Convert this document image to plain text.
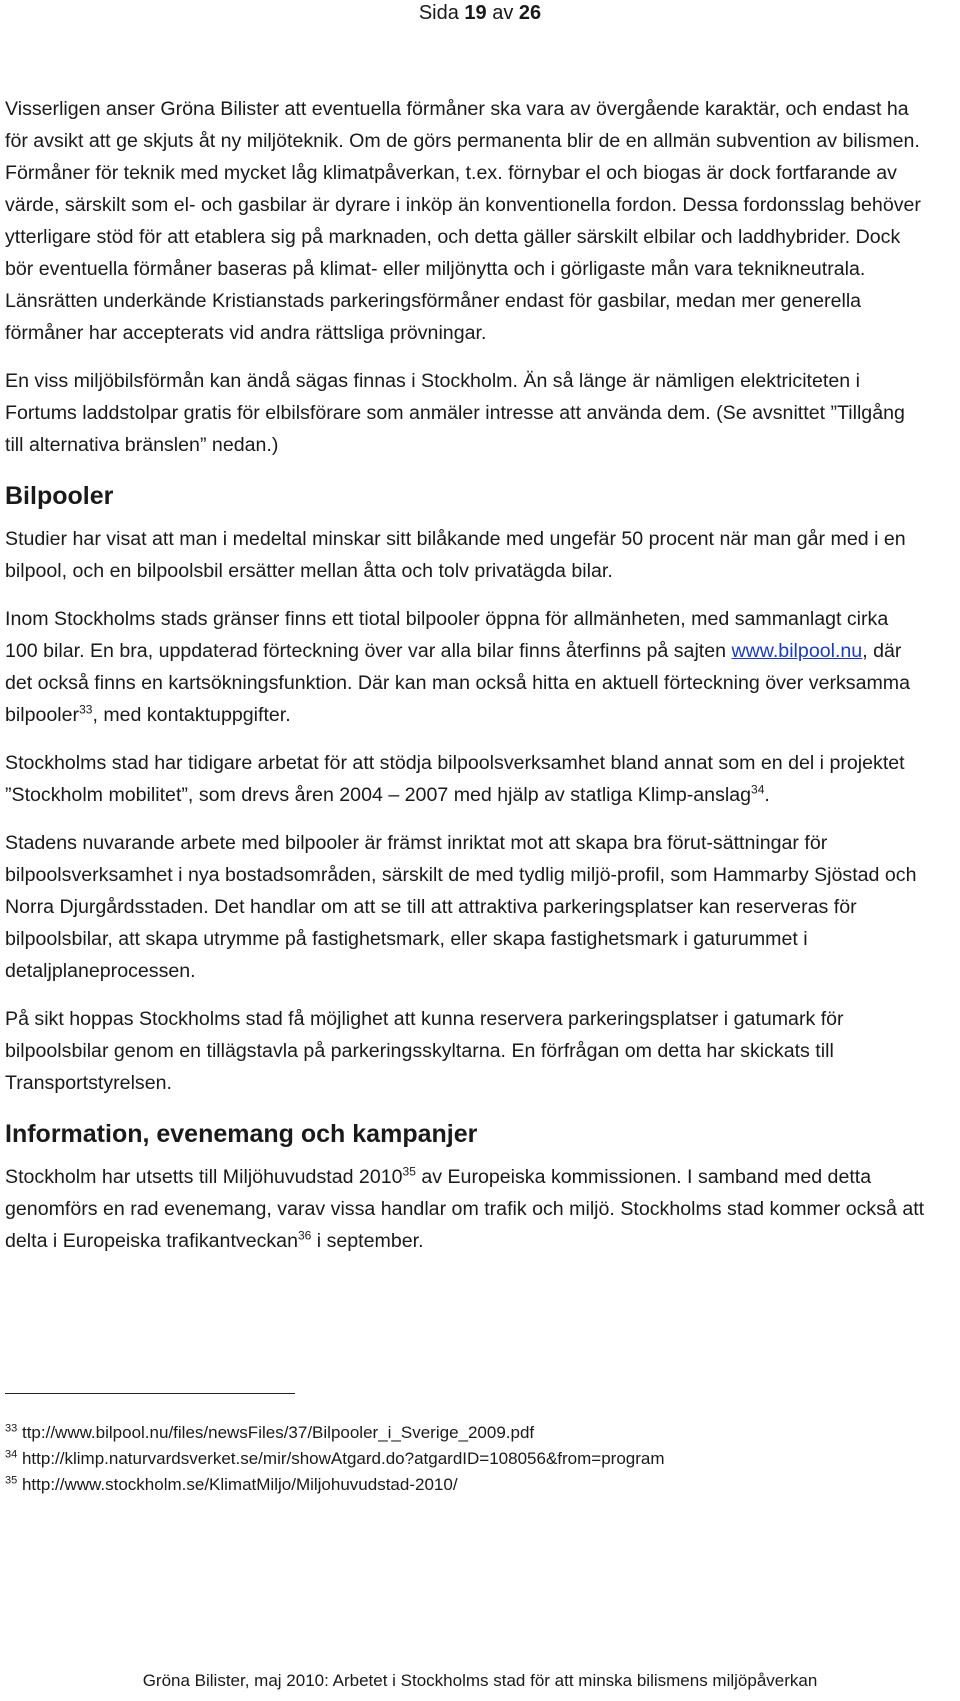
Sida 19 av 26

Visserligen anser Gröna Bilister att eventuella förmåner ska vara av övergående karaktär, och endast ha för avsikt att ge skjuts åt ny miljöteknik. Om de görs permanenta blir de en allmän subvention av bilismen. Förmåner för teknik med mycket låg klimatpåverkan, t.ex. förnybar el och biogas är dock fortfarande av värde, särskilt som el- och gasbilar är dyrare i inköp än konventionella fordon. Dessa fordonsslag behöver ytterligare stöd för att etablera sig på marknaden, och detta gäller särskilt elbilar och laddhybrider. Dock bör eventuella förmåner baseras på klimat- eller miljönytta och i görligaste mån vara teknikneutrala. Länsrätten underkände Kristianstads parkeringsförmåner endast för gasbilar, medan mer generella förmåner har accepterats vid andra rättsliga prövningar.

En viss miljöbilsförmån kan ändå sägas finnas i Stockholm. Än så länge är nämligen elektriciteten i Fortums laddstolpar gratis för elbilsförare som anmäler intresse att använda dem. (Se avsnittet ”Tillgång till alternativa bränslen” nedan.)

Bilpooler

Studier har visat att man i medeltal minskar sitt bilåkande med ungefär 50 procent när man går med i en bilpool, och en bilpoolsbil ersätter mellan åtta och tolv privatägda bilar.

Inom Stockholms stads gränser finns ett tiotal bilpooler öppna för allmänheten, med sammanlagt cirka 100 bilar. En bra, uppdaterad förteckning över var alla bilar finns återfinns på sajten www.bilpool.nu, där det också finns en kartsökningsfunktion. Där kan man också hitta en aktuell förteckning över verksamma bilpooler$^{33}$, med kontaktuppgifter.

Stockholms stad har tidigare arbetat för att stödja bilpoolsverksamhet bland annat som en del i projektet ”Stockholm mobilitet”, som drevs åren 2004 – 2007 med hjälp av statliga Klimp-anslag$^{34}$.

Stadens nuvarande arbete med bilpooler är främst inriktat mot att skapa bra förut-sättningar för bilpoolsverksamhet i nya bostadsområden, särskilt de med tydlig miljö-profil, som Hammarby Sjöstad och Norra Djurgårdsstaden. Det handlar om att se till att attraktiva parkeringsplatser kan reserveras för bilpoolsbilar, att skapa utrymme på fastighetsmark, eller skapa fastighetsmark i gaturummet i detaljplaneprocessen.

På sikt hoppas Stockholms stad få möjlighet att kunna reservera parkeringsplatser i gatumark för bilpoolsbilar genom en tillägstavla på parkeringsskyltarna. En förfrågan om detta har skickats till Transportstyrelsen.

Information, evenemang och kampanjer

Stockholm har utsetts till Miljöhuvudstad 2010$^{35}$ av Europeiska kommissionen. I samband med detta genomförs en rad evenemang, varav vissa handlar om trafik och miljö. Stockholms stad kommer också att delta i Europeiska trafikantveckan$^{36}$ i september.

$^{33}$ ttp://www.bilpool.nu/files/newsFiles/37/Bilpooler_i_Sverige_2009.pdf
$^{34}$ http://klimp.naturvardsverket.se/mir/showAtgard.do?atgardID=108056&from=program
$^{35}$ http://www.stockholm.se/KlimatMiljo/Miljohuvudstad-2010/
Gröna Bilister, maj 2010: Arbetet i Stockholms stad för att minska bilismens miljöpåverkan
